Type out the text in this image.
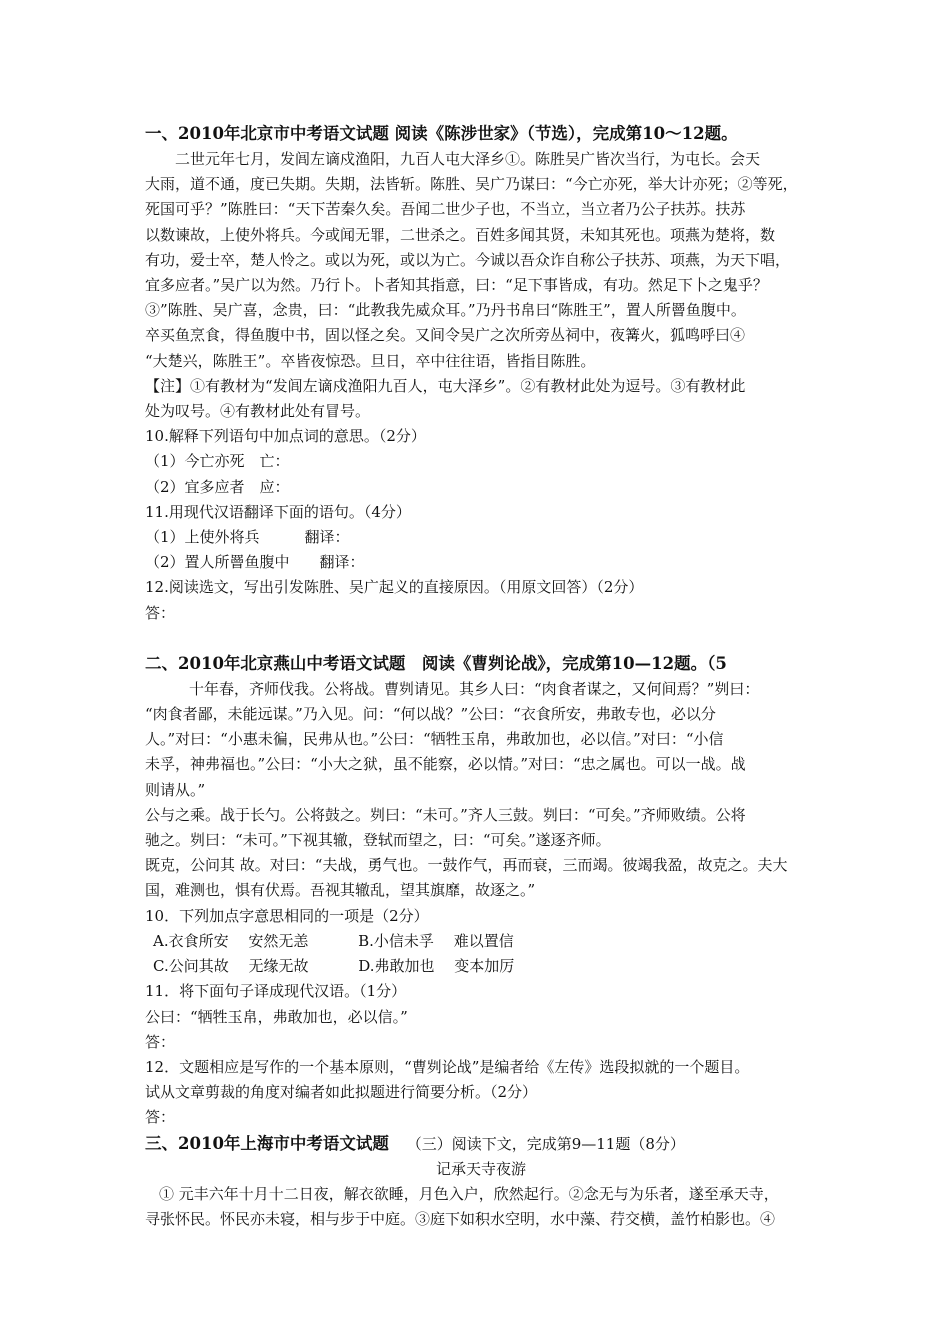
一、2010年北京市中考语文试题 阅读《陈涉世家》（节选），完成第10～12题。
二世元年七月，发闾左谪戍渔阳，九百人屯大泽乡①。陈胜吴广皆次当行，为屯长。会天
大雨，道不通，度已失期。失期，法皆斩。陈胜、吴广乃谋曰：“今亡亦死，举大计亦死；②等死，
死国可乎？”陈胜曰：“天下苦秦久矣。吾闻二世少子也，不当立，当立者乃公子扶苏。扶苏
以数谏故，上使外将兵。今或闻无罪，二世杀之。百姓多闻其贤，未知其死也。项燕为楚将，数
有功，爱士卒，楚人怜之。或以为死，或以为亡。今诚以吾众诈自称公子扶苏、项燕，为天下唱，
宜多应者。”吴广以为然。乃行卜。卜者知其指意，曰：“足下事皆成，有功。然足下卜之鬼乎？
③”陈胜、吴广喜，念贵，曰：“此教我先威众耳。”乃丹书帛曰“陈胜王”，置人所罾鱼腹中。
卒买鱼烹食，得鱼腹中书，固以怪之矣。又间令吴广之次所旁丛祠中，夜篝火，狐鸣呼曰④
“大楚兴，陈胜王”。卒皆夜惊恐。旦日，卒中往往语，皆指目陈胜。
【注】①有教材为“发闾左谪戍渔阳九百人，屯大泽乡”。②有教材此处为逗号。③有教材此
处为叹号。④有教材此处有冒号。
10.解释下列语句中加点词的意思。（2分）
（1）今亡亦死　亡：
（2）宜多应者　应：
11.用现代汉语翻译下面的语句。（4分）
（1）上使外将兵　　　翻译：
（2）置人所罾鱼腹中　　翻译：
12.阅读选文，写出引发陈胜、吴广起义的直接原因。（用原文回答）（2分）
答：
二、2010年北京燕山中考语文试题　阅读《曹刿论战》，完成第10—12题。（5
十年春，齐师伐我。公将战。曹刿请见。其乡人曰：“肉食者谋之，又何间焉？”刿曰：
“肉食者鄙，未能远谋。”乃入见。问：“何以战？”公曰：“衣食所安，弗敢专也，必以分
人。”对曰：“小惠未徧，民弗从也。”公曰：“牺牲玉帛，弗敢加也，必以信。”对曰：“小信
未孚，神弗福也。”公曰：“小大之狱，虽不能察，必以情。”对曰：“忠之属也。可以一战。战
则请从。”
公与之乘。战于长勺。公将鼓之。刿曰：“未可。”齐人三鼓。刿曰：“可矣。”齐师败绩。公将
驰之。刿曰：“未可。”下视其辙，登轼而望之，曰：“可矣。”遂逐齐师。
既克，公问其 故。对曰：“夫战，勇气也。一鼓作气，再而衰，三而竭。彼竭我盈，故克之。夫大
国，难测也，惧有伏焉。吾视其辙乱，望其旗靡，故逐之。”
10．下列加点字意思相同的一项是（2分）
A.衣食所安　 安然无恙　　　 B.小信未孚　 难以置信
C.公问其故　 无缘无故　　　 D.弗敢加也　 变本加厉
11．将下面句子译成现代汉语。（1分）
公曰：“牺牲玉帛，弗敢加也，必以信。”
答：
12．文题相应是写作的一个基本原则，“曹刿论战”是编者给《左传》选段拟就的一个题目。
试从文章剪裁的角度对编者如此拟题进行简要分析。（2分）
答：
三、2010年上海市中考语文试题 （三）阅读下文，完成第9—11题（8分）
记承天寺夜游
① 元丰六年十月十二日夜，解衣欲睡，月色入户，欣然起行。②念无与为乐者，遂至承天寺，
寻张怀民。怀民亦未寝，相与步于中庭。③庭下如积水空明，水中藻、荇交横，盖竹柏影也。④
